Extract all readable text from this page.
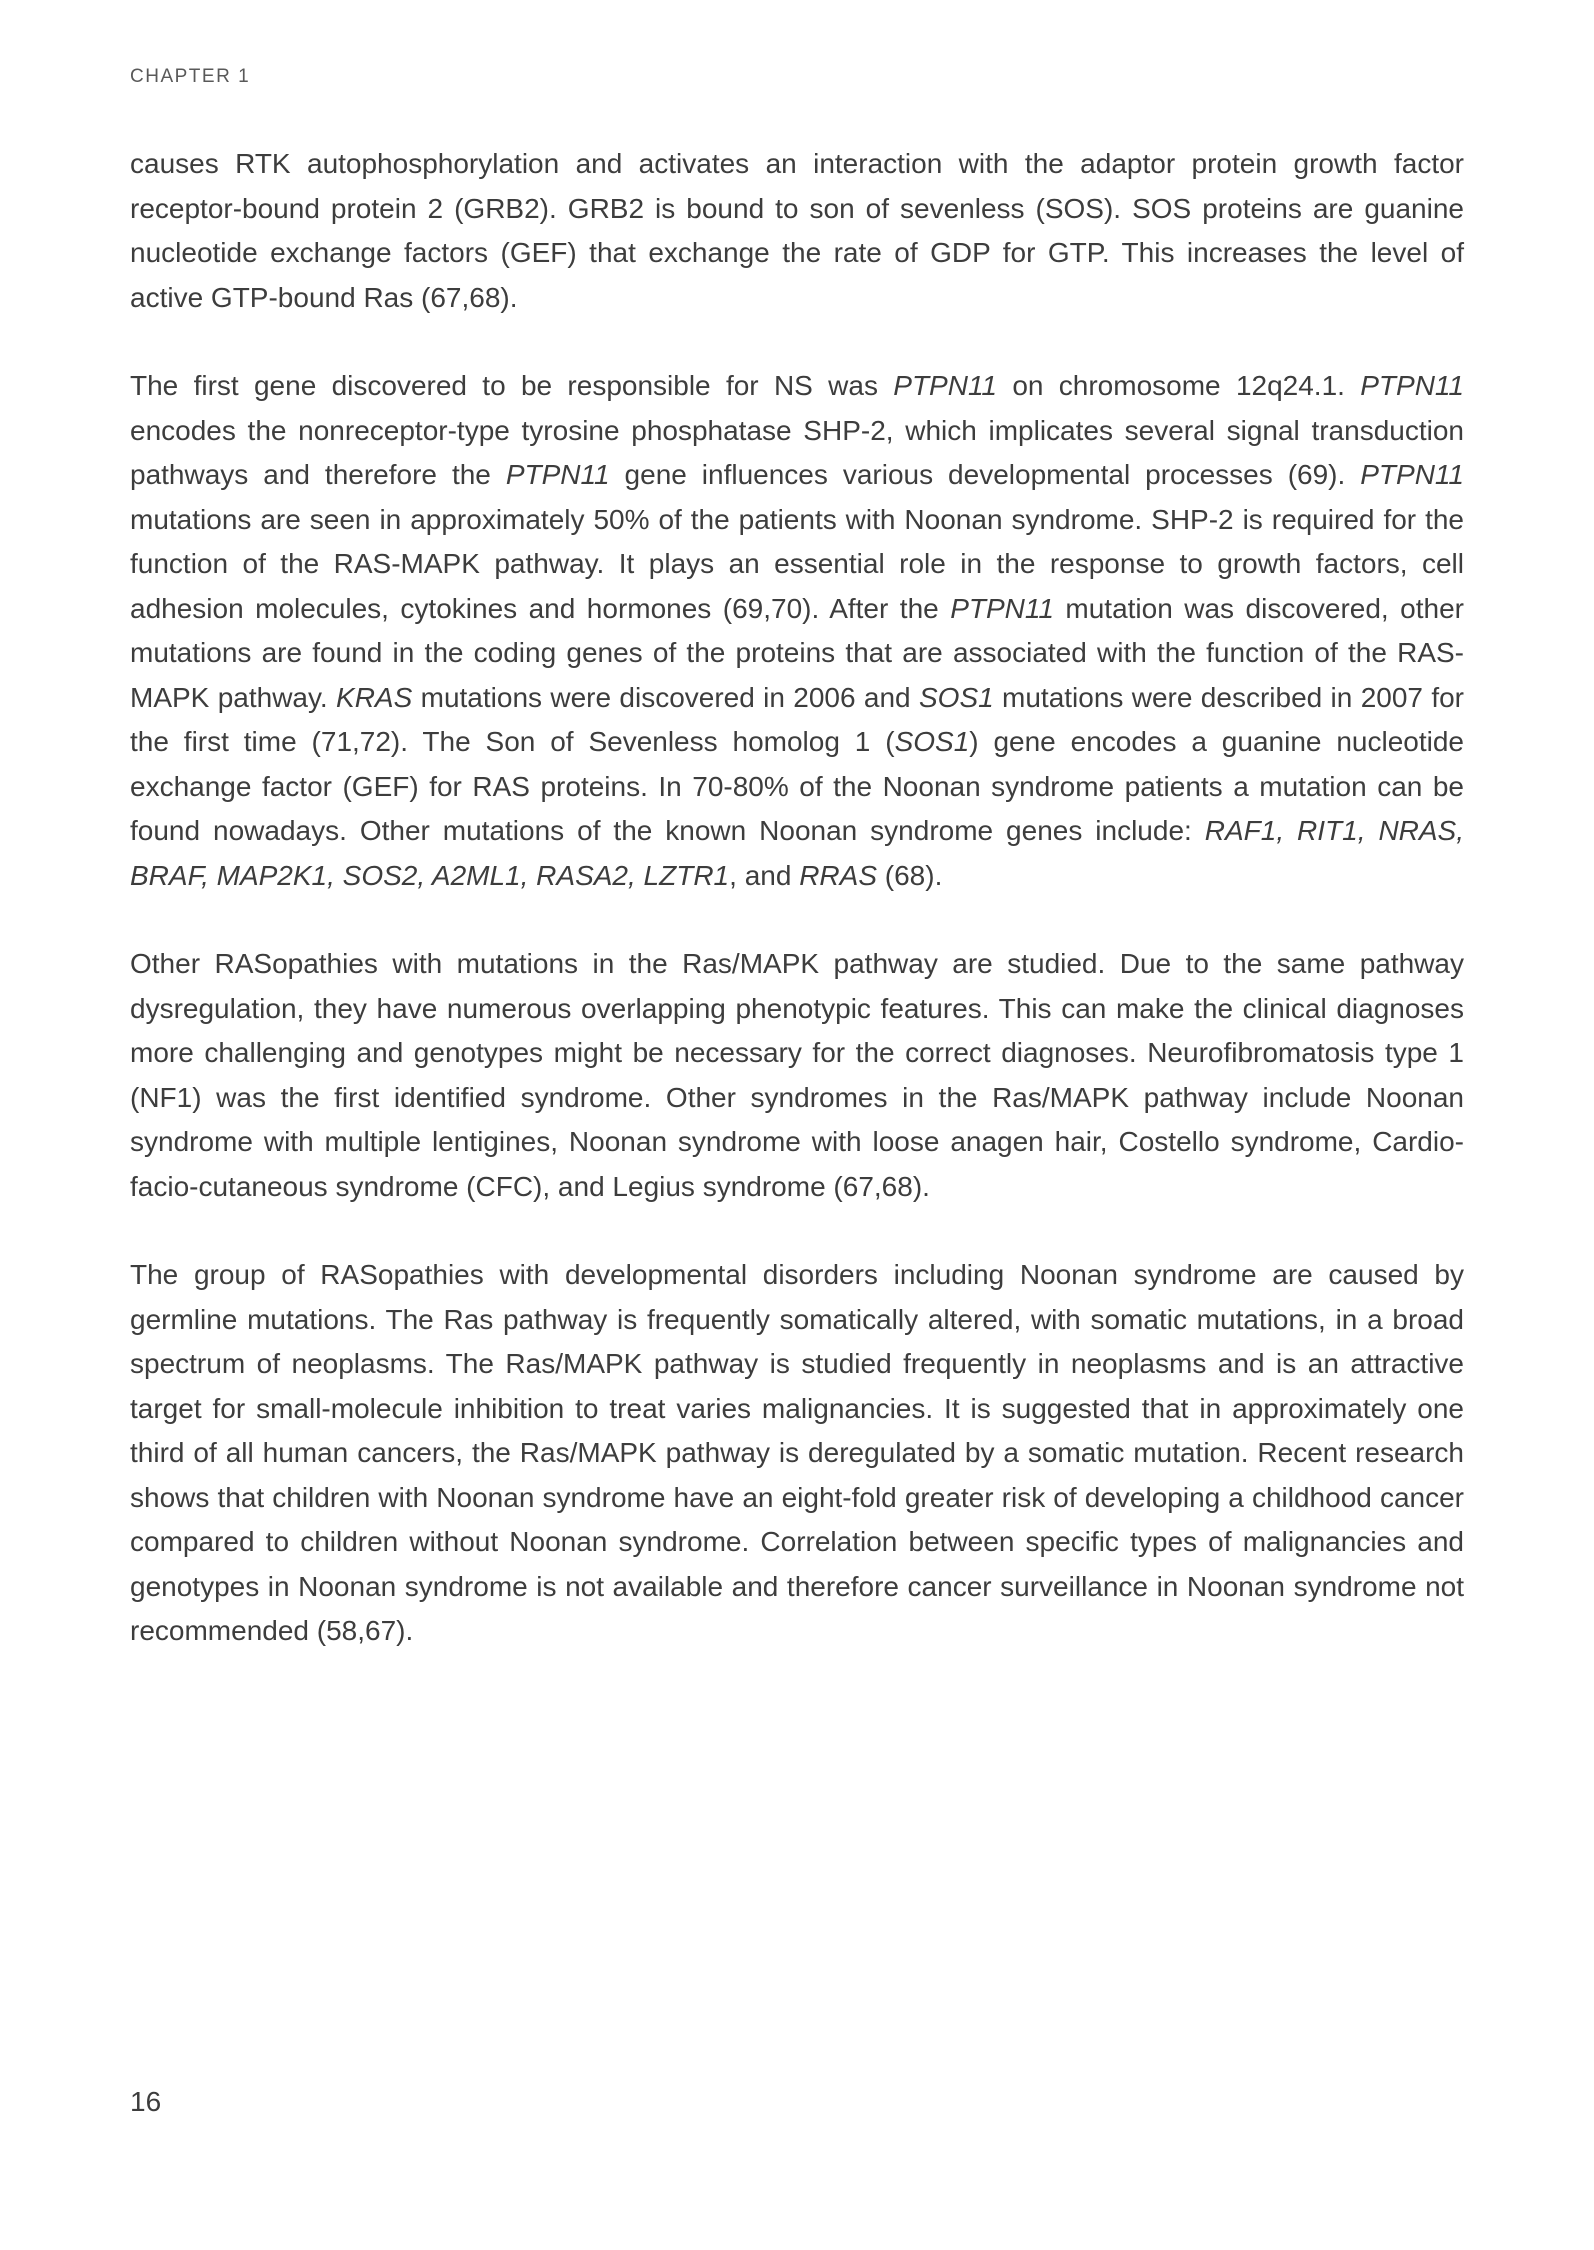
CHAPTER 1

causes RTK autophosphorylation and activates an interaction with the adaptor protein growth factor receptor-bound protein 2 (GRB2). GRB2 is bound to son of sevenless (SOS). SOS proteins are guanine nucleotide exchange factors (GEF) that exchange the rate of GDP for GTP. This increases the level of active GTP-bound Ras (67,68).

The first gene discovered to be responsible for NS was PTPN11 on chromosome 12q24.1. PTPN11 encodes the nonreceptor-type tyrosine phosphatase SHP-2, which implicates several signal transduction pathways and therefore the PTPN11 gene influences various developmental processes (69). PTPN11 mutations are seen in approximately 50% of the patients with Noonan syndrome. SHP-2 is required for the function of the RAS-MAPK pathway. It plays an essential role in the response to growth factors, cell adhesion molecules, cytokines and hormones (69,70). After the PTPN11 mutation was discovered, other mutations are found in the coding genes of the proteins that are associated with the function of the RAS-MAPK pathway. KRAS mutations were discovered in 2006 and SOS1 mutations were described in 2007 for the first time (71,72). The Son of Sevenless homolog 1 (SOS1) gene encodes a guanine nucleotide exchange factor (GEF) for RAS proteins. In 70-80% of the Noonan syndrome patients a mutation can be found nowadays. Other mutations of the known Noonan syndrome genes include: RAF1, RIT1, NRAS, BRAF, MAP2K1, SOS2, A2ML1, RASA2, LZTR1, and RRAS (68).

Other RASopathies with mutations in the Ras/MAPK pathway are studied. Due to the same pathway dysregulation, they have numerous overlapping phenotypic features. This can make the clinical diagnoses more challenging and genotypes might be necessary for the correct diagnoses. Neurofibromatosis type 1 (NF1) was the first identified syndrome. Other syndromes in the Ras/MAPK pathway include Noonan syndrome with multiple lentigines, Noonan syndrome with loose anagen hair, Costello syndrome, Cardio-facio-cutaneous syndrome (CFC), and Legius syndrome (67,68).

The group of RASopathies with developmental disorders including Noonan syndrome are caused by germline mutations. The Ras pathway is frequently somatically altered, with somatic mutations, in a broad spectrum of neoplasms. The Ras/MAPK pathway is studied frequently in neoplasms and is an attractive target for small-molecule inhibition to treat varies malignancies. It is suggested that in approximately one third of all human cancers, the Ras/MAPK pathway is deregulated by a somatic mutation. Recent research shows that children with Noonan syndrome have an eight-fold greater risk of developing a childhood cancer compared to children without Noonan syndrome. Correlation between specific types of malignancies and genotypes in Noonan syndrome is not available and therefore cancer surveillance in Noonan syndrome not recommended (58,67).

16
